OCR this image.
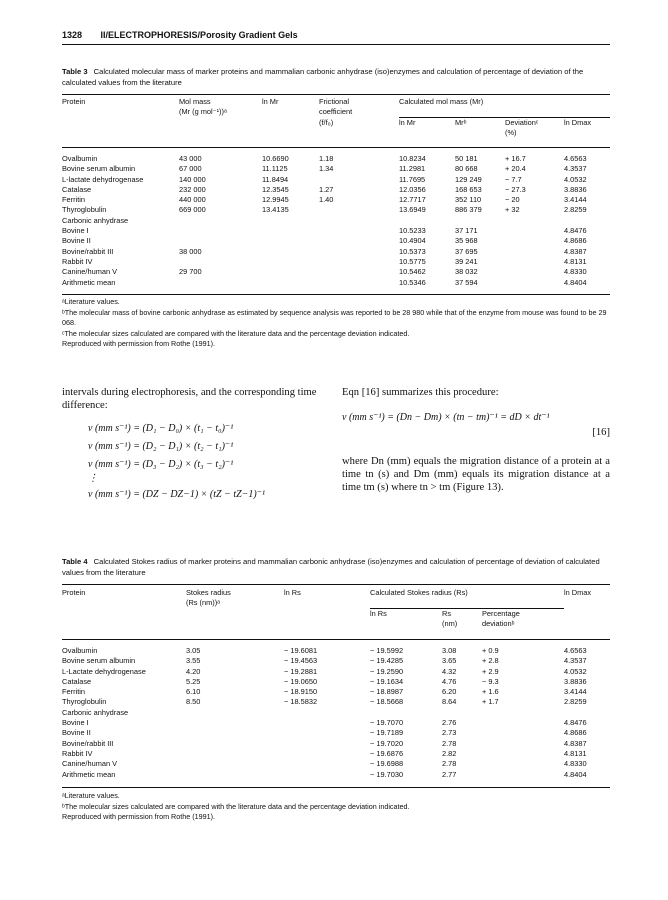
1328 II/ELECTROPHORESIS/Porosity Gradient Gels
Table 3 Calculated molecular mass of marker proteins and mammalian carbonic anhydrase (iso)enzymes and calculation of percentage of deviation of the calculated values from the literature
Protein	Mol mass	ln Mr	Frictional	Calculated mol mass (Mr)			
	(Mr (g mol⁻¹))ᵃ		coefficient				
			(f/f₀)	ln Mr	Mrᵇ	Deviationᶜ	ln Dmax
						(%)	
Ovalbumin	43 000	10.6690	1.18	10.8234	50 181	+ 16.7	4.6563
Bovine serum albumin	67 000	11.1125	1.34	11.2981	80 668	+ 20.4	4.3537
L-lactate dehydrogenase	140 000	11.8494		11.7695	129 249	− 7.7	4.0532
Catalase	232 000	12.3545	1.27	12.0356	168 653	− 27.3	3.8836
Ferritin	440 000	12.9945	1.40	12.7717	352 110	− 20	3.4144
Thyroglobulin	669 000	13.4135		13.6949	886 379	+ 32	2.8259
Carbonic anhydrase							
Bovine I				10.5233	37 171		4.8476
Bovine II				10.4904	35 968		4.8686
Bovine/rabbit III	38 000			10.5373	37 695		4.8387
Rabbit IV				10.5775	39 241		4.8131
Canine/human V	29 700			10.5462	38 032		4.8330
Arithmetic mean				10.5346	37 594		4.8404
ᵃLiterature values.
ᵇThe molecular mass of bovine carbonic anhydrase as estimated by sequence analysis was reported to be 28 980 while that of the enzyme from mouse was found to be 29 068.
ᶜThe molecular sizes calculated are compared with the literature data and the percentage deviation indicated.
Reproduced with permission from Rothe (1991).

intervals during electrophoresis, and the corresponding time difference:

v (mm s⁻¹) = (D₁ − D₀) × (t₁ − t₀)⁻¹
v (mm s⁻¹) = (D₂ − D₁) × (t₂ − t₁)⁻¹
v (mm s⁻¹) = (D₃ − D₂) × (t₃ − t₂)⁻¹
⋮
v (mm s⁻¹) = (DZ − DZ−1) × (tZ − tZ−1)⁻¹

Eqn [16] summarizes this procedure:

v (mm s⁻¹) = (Dn − Dm) × (tn − tm)⁻¹ = dD × dt⁻¹
[16]

where Dn (mm) equals the migration distance of a protein at a time tn (s) and Dm (mm) equals its migration distance at a time tm (s) where tn > tm (Figure 13).

Table 4 Calculated Stokes radius of marker proteins and mammalian carbonic anhydrase (iso)enzymes and calculation of percentage of deviation of calculated values from the literature
Protein	Stokes radius	ln Rs	Calculated Stokes radius (Rs)			ln Dmax
	(Rs (nm))ᵃ					
			ln Rs	Rs	Percentage	
				(nm)	deviationᵇ	
Ovalbumin	3.05	− 19.6081	− 19.5992	3.08	+ 0.9	4.6563
Bovine serum albumin	3.55	− 19.4563	− 19.4285	3.65	+ 2.8	4.3537
L-Lactate dehydrogenase	4.20	− 19.2881	− 19.2590	4.32	+ 2.9	4.0532
Catalase	5.25	− 19.0650	− 19.1634	4.76	− 9.3	3.8836
Ferritin	6.10	− 18.9150	− 18.8987	6.20	+ 1.6	3.4144
Thyroglobulin	8.50	− 18.5832	− 18.5668	8.64	+ 1.7	2.8259
Carbonic anhydrase						
Bovine I			− 19.7070	2.76		4.8476
Bovine II			− 19.7189	2.73		4.8686
Bovine/rabbit III			− 19.7020	2.78		4.8387
Rabbit IV			− 19.6876	2.82		4.8131
Canine/human V			− 19.6988	2.78		4.8330
Arithmetic mean			− 19.7030	2.77		4.8404
ᵃLiterature values.
ᵇThe molecular sizes calculated are compared with the literature data and the percentage deviation indicated.
Reproduced with permission from Rothe (1991).
